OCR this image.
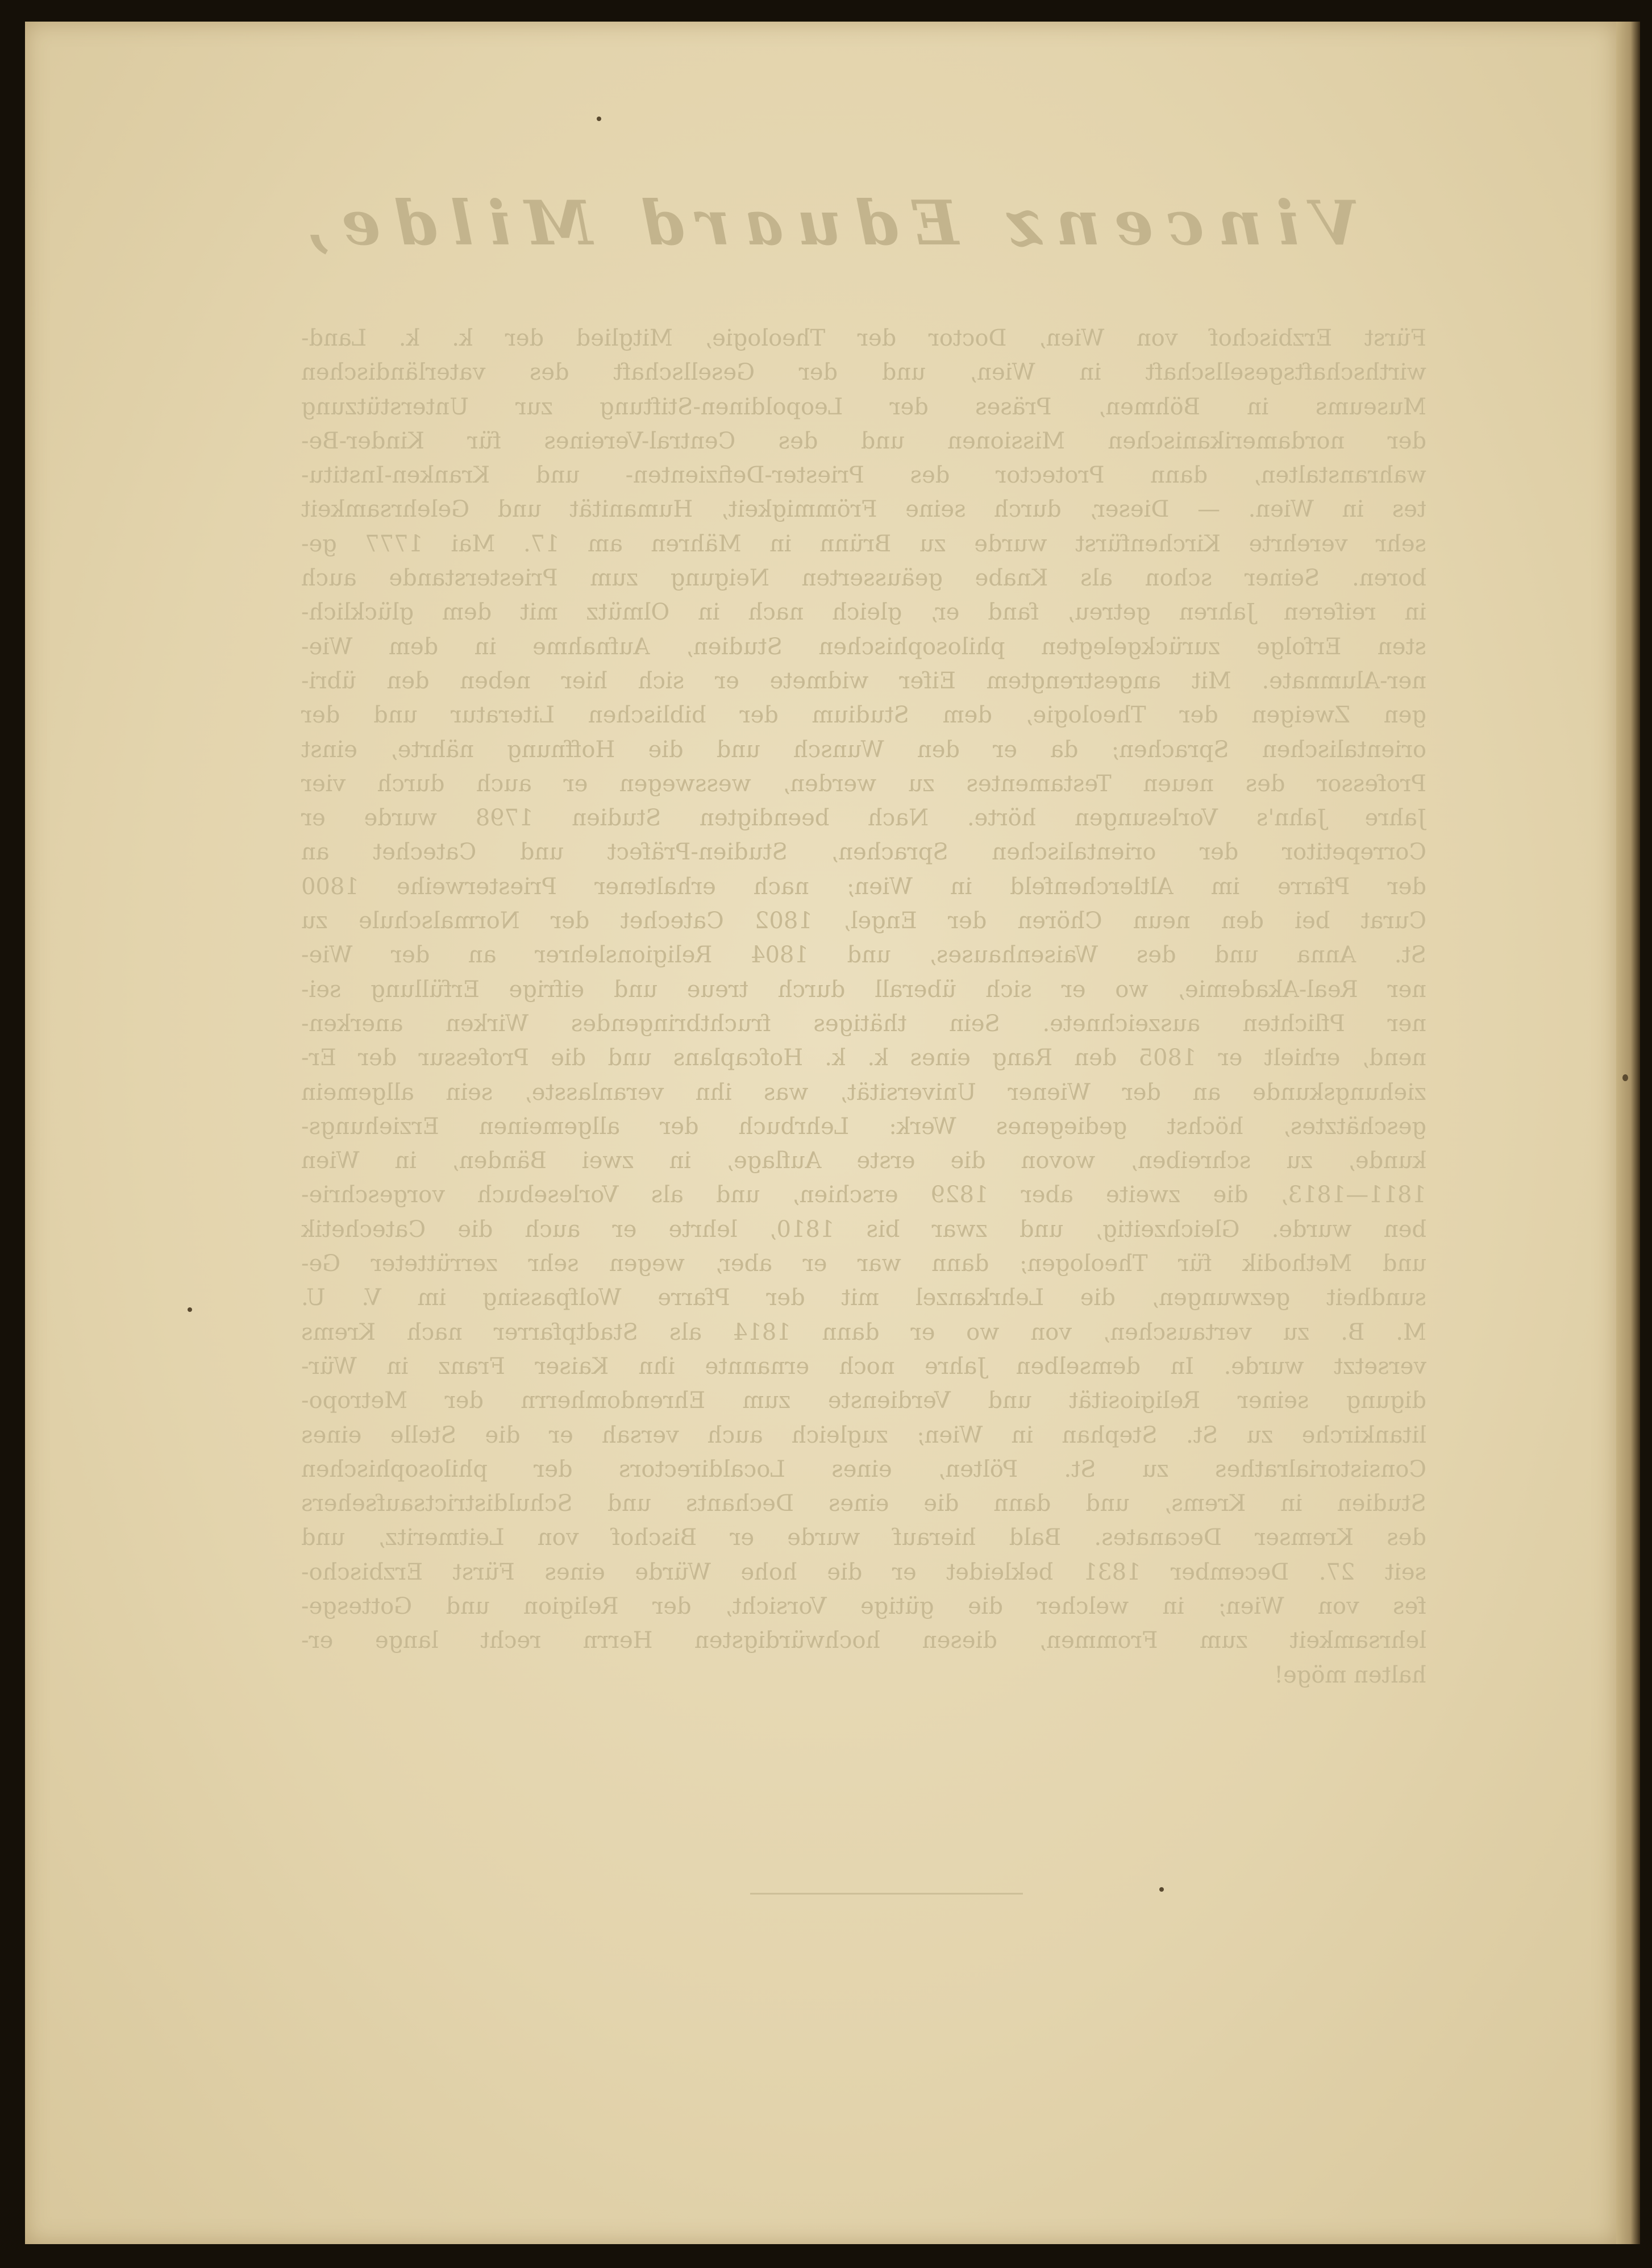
Vincenz Eduard Milde,
Fürst Erzbischof von Wien, Doctor der Theologie, Mitglied der k. k. Land-
wirthschaftsgesellschaft in Wien, und der Gesellschaft des vaterländischen
Museums in Böhmen, Präses der Leopoldinen-Stiftung zur Unterstützung
der nordamerikanischen Missionen und des Central-Vereines für Kinder-Be-
wahranstalten, dann Protector des Priester-Defizienten- und Kranken-Institu-
tes in Wien. — Dieser, durch seine Frömmigkeit, Humanität und Gelehrsamkeit
sehr verehrte Kirchenfürst wurde zu Brünn in Mähren am 17. Mai 1777 ge-
boren. Seiner schon als Knabe geäusserten Neigung zum Priesterstande auch
in reiferen Jahren getreu, fand er, gleich nach in Olmütz mit dem glücklich-
sten Erfolge zurückgelegten philosophischen Studien, Aufnahme in dem Wie-
ner-Alumnate. Mit angestrengtem Eifer widmete er sich hier neben den übri-
gen Zweigen der Theologie, dem Studium der biblischen Literatur und der
orientalischen Sprachen; da er den Wunsch und die Hoffnung nährte, einst
Professor des neuen Testamentes zu werden, wesswegen er auch durch vier
Jahre Jahn's Vorlesungen hörte. Nach beendigten Studien 1798 wurde er
Correpetitor der orientalischen Sprachen, Studien-Präfect und Catechet an
der Pfarre im Altlerchenfeld in Wien; nach erhaltener Priesterweihe 1800
Curat bei den neun Chören der Engel, 1802 Catechet der Normalschule zu
St. Anna und des Waisenhauses, und 1804 Religionslehrer an der Wie-
ner Real-Akademie, wo er sich überall durch treue und eifrige Erfüllung sei-
ner Pflichten auszeichnete. Sein thätiges fruchtbringendes Wirken anerken-
nend, erhielt er 1805 den Rang eines k. k. Hofcaplans und die Professur der Er-
ziehungskunde an der Wiener Universität, was ihn veranlasste, sein allgemein
geschätztes, höchst gediegenes Werk: Lehrbuch der allgemeinen Erziehungs-
kunde, zu schreiben, wovon die erste Auflage, in zwei Bänden, in Wien
1811—1813, die zweite aber 1829 erschien, und als Vorlesebuch vorgeschrie-
ben wurde. Gleichzeitig, und zwar bis 1810, lehrte er auch die Catechetik
und Methodik für Theologen; dann war er aber, wegen sehr zerrütteter Ge-
sundheit gezwungen, die Lehrkanzel mit der Pfarre Wolfpassing im V. U.
M. B. zu vertauschen, von wo er dann 1814 als Stadtpfarrer nach Krems
versetzt wurde. In demselben Jahre noch ernannte ihn Kaiser Franz in Wür-
digung seiner Religiosität und Verdienste zum Ehrendomherrn der Metropo-
litankirche zu St. Stephan in Wien; zugleich auch versah er die Stelle eines
Consistorialrathes zu St. Pölten, eines Localdirectors der philosophischen
Studien in Krems, und dann die eines Dechants und Schuldistrictsaufsehers
des Kremser Decanates. Bald hierauf wurde er Bischof von Leitmeritz, und
seit 27. December 1831 bekleidet er die hohe Würde eines Fürst Erzbischo-
fes von Wien; in welcher die gütige Vorsicht, der Religion und Gottesge-
lehrsamkeit zum Frommen, diesen hochwürdigsten Herrn recht lange er-
halten möge!
